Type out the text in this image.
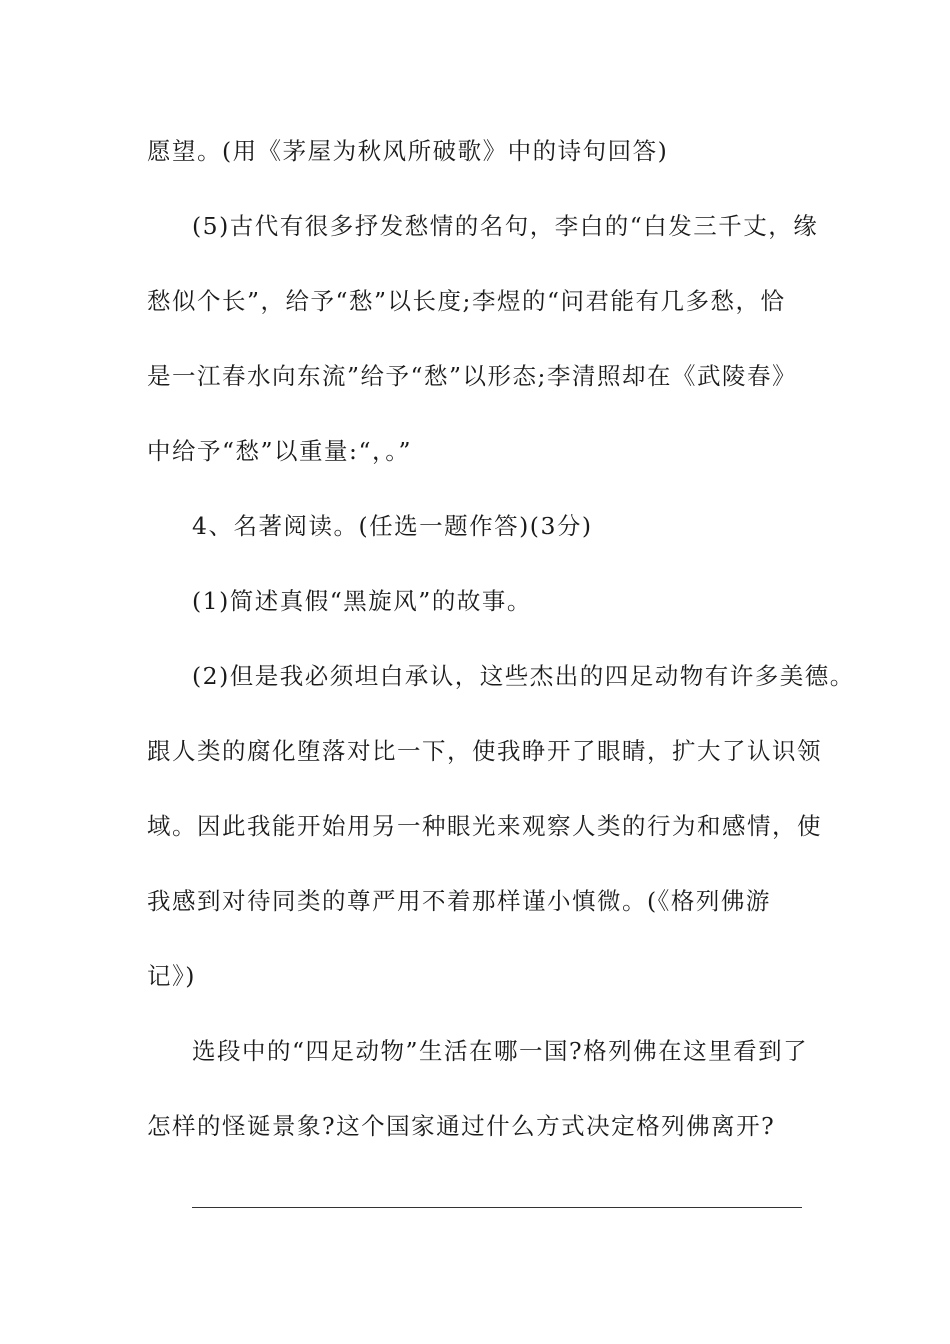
愿望。(用《茅屋为秋风所破歌》中的诗句回答)
(5)古代有很多抒发愁情的名句，李白的“白发三千丈，缘
愁似个长”，给予“愁”以长度;李煜的“问君能有几多愁，恰
是一江春水向东流”给予“愁”以形态;李清照却在《武陵春》
中给予“愁”以重量:“，。”
4、名著阅读。(任选一题作答)(3分)
(1)简述真假“黑旋风”的故事。
(2)但是我必须坦白承认，这些杰出的四足动物有许多美德。
跟人类的腐化堕落对比一下，使我睁开了眼睛，扩大了认识领
域。因此我能开始用另一种眼光来观察人类的行为和感情，使
我感到对待同类的尊严用不着那样谨小慎微。(《格列佛游
记》)
选段中的“四足动物”生活在哪一国?格列佛在这里看到了
怎样的怪诞景象?这个国家通过什么方式决定格列佛离开?
